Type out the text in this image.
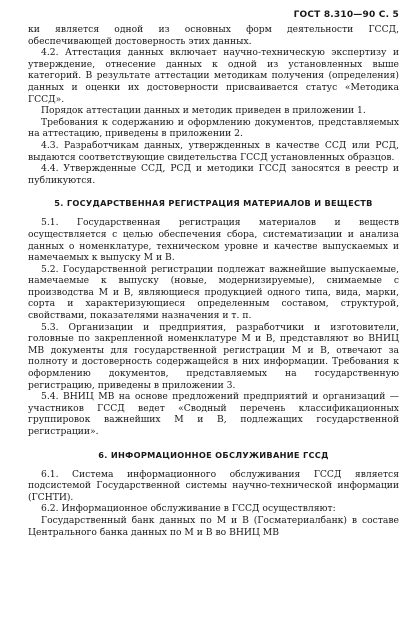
ГОСТ 8.310—90 С. 5
ки является одной из основных форм деятельности ГССД, обеспечивающей достоверность этих данных.
4.2. Аттестация данных включает научно-техническую экспертизу и утверждение, отнесение данных к одной из установленных выше категорий. В результате аттестации методикам получения (определения) данных и оценки их достоверности присваивается статус «Методика ГССД».
Порядок аттестации данных и методик приведен в приложении 1.
Требования к содержанию и оформлению документов, представляемых на аттестацию, приведены в приложении 2.
4.3. Разработчикам данных, утвержденных в качестве ССД или РСД, выдаются соответствующие свидетельства ГССД установленных образцов.
4.4. Утвержденные ССД, РСД и методики ГССД заносятся в реестр и публикуются.
5. ГОСУДАРСТВЕННАЯ РЕГИСТРАЦИЯ МАТЕРИАЛОВ И ВЕЩЕСТВ
5.1. Государственная регистрация материалов и веществ осуществляется с целью обеспечения сбора, систематизации и анализа данных о номенклатуре, техническом уровне и качестве выпускаемых и намечаемых к выпуску М и В.
5.2. Государственной регистрации подлежат важнейшие выпускаемые, намечаемые к выпуску (новые, модернизируемые), снимаемые с производства М и В, являющиеся продукцией одного типа, вида, марки, сорта и характеризующиеся определенным составом, структурой, свойствами, показателями назначения и т. п.
5.3. Организации и предприятия, разработчики и изготовители, головные по закрепленной номенклатуре М и В, представляют во ВНИЦ МВ документы для государственной регистрации М и В, отвечают за полноту и достоверность содержащейся в них информации. Требования к оформлению документов, представляемых на государственную регистрацию, приведены в приложении 3.
5.4. ВНИЦ МВ на основе предложений предприятий и организаций — участников ГССД ведет «Сводный перечень классификационных группировок важнейших М и В, подлежащих государственной регистрации».
6. ИНФОРМАЦИОННОЕ ОБСЛУЖИВАНИЕ ГССД
6.1. Система информационного обслуживания ГССД является подсистемой Государственной системы научно-технической информации (ГСНТИ).
6.2. Информационное обслуживание в ГССД осуществляют:
Государственный банк данных по М и В (Госматериалбанк) в составе Центрального банка данных по М и В во ВНИЦ МВ
